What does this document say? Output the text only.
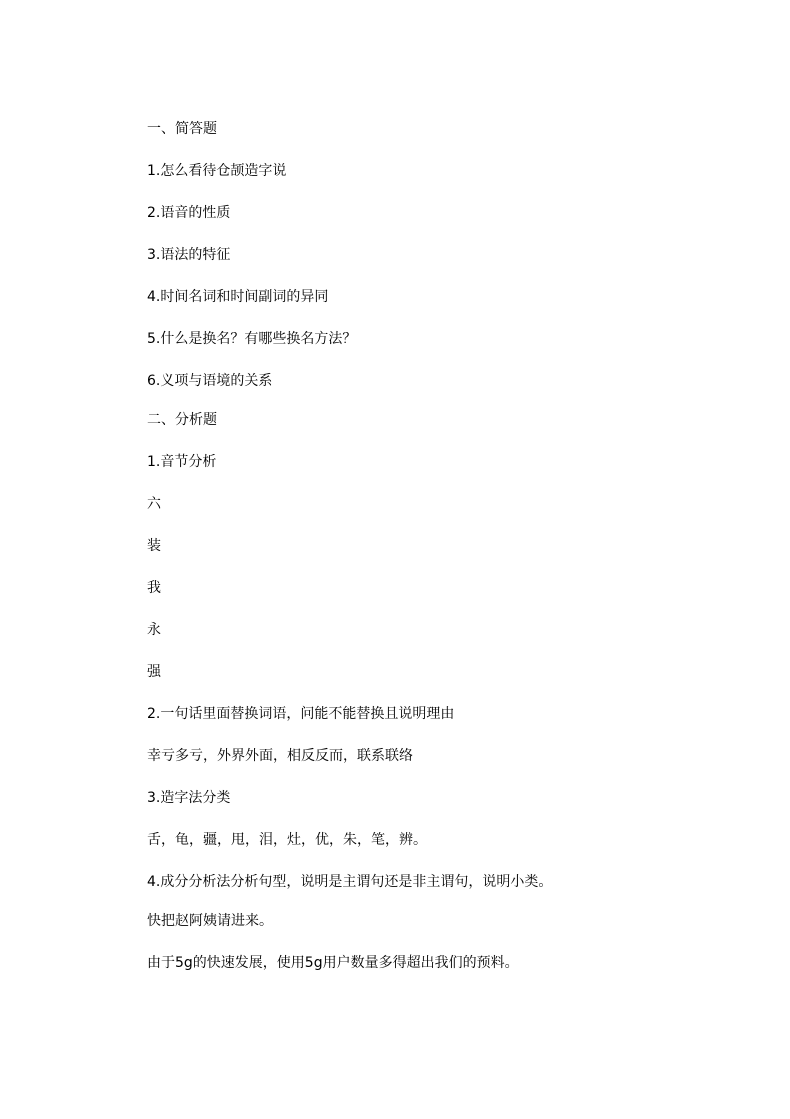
一、简答题
1.怎么看待仓颉造字说
2.语音的性质
3.语法的特征
4.时间名词和时间副词的异同
5.什么是换名？有哪些换名方法？
6.义项与语境的关系
二、分析题
1.音节分析
六
装
我
永
强
2.一句话里面替换词语，问能不能替换且说明理由
幸亏多亏，外界外面，相反反而，联系联络
3.造字法分类
舌，龟，疆，甩，泪，灶，优，朱，笔，辨。
4.成分分析法分析句型，说明是主谓句还是非主谓句，说明小类。
快把赵阿姨请进来。
由于5g的快速发展，使用5g用户数量多得超出我们的预料。
